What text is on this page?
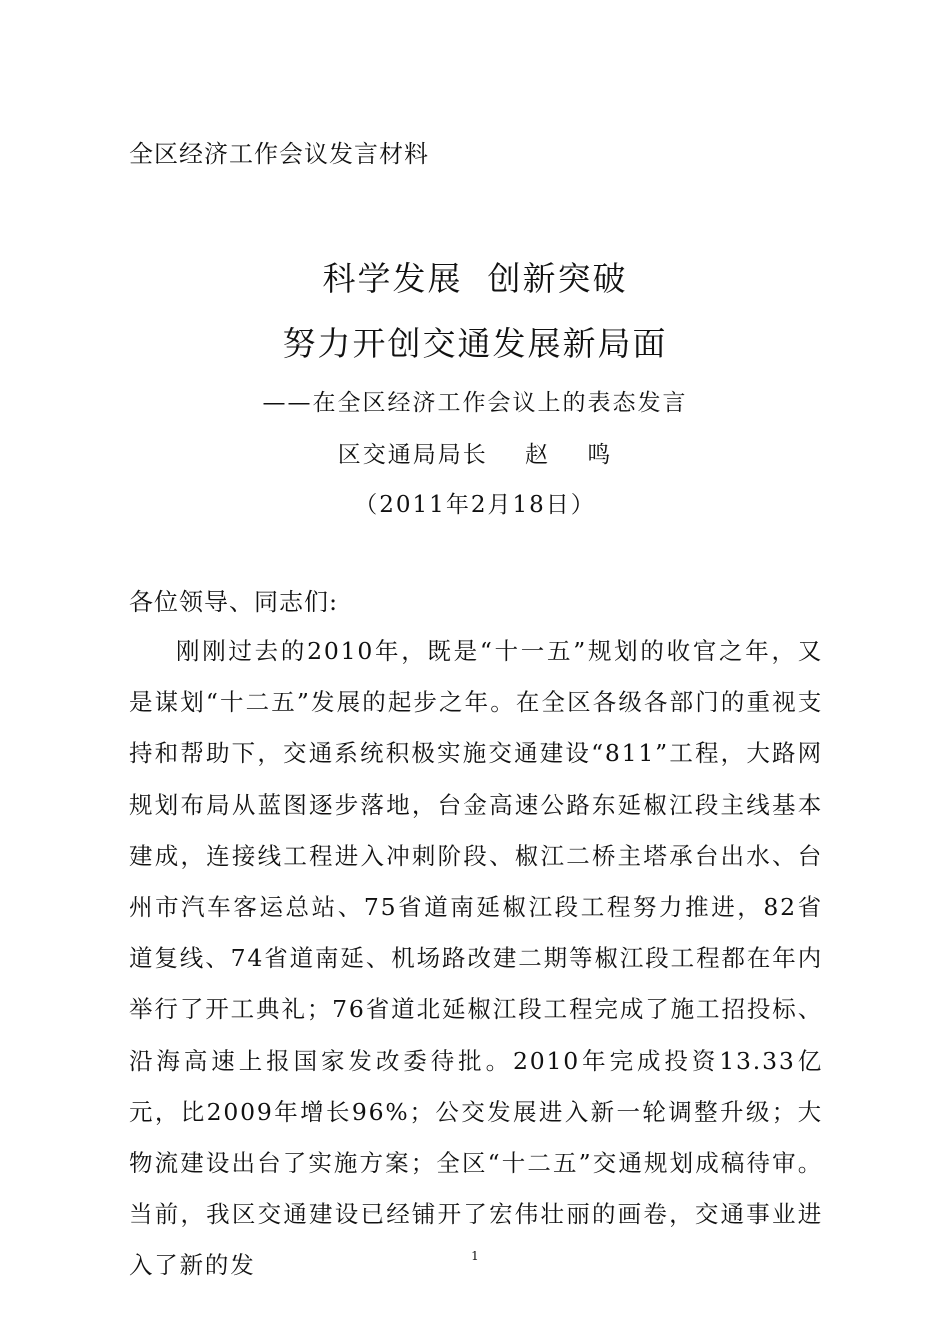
全区经济工作会议发言材料
科学发展  创新突破
努力开创交通发展新局面
——在全区经济工作会议上的表态发言
区交通局局长    赵    鸣
（2011年2月18日）
各位领导、同志们:

刚刚过去的2010年，既是“十一五”规划的收官之年，又是谋划“十二五”发展的起步之年。在全区各级各部门的重视支持和帮助下，交通系统积极实施交通建设“811”工程，大路网规划布局从蓝图逐步落地，台金高速公路东延椒江段主线基本建成，连接线工程进入冲刺阶段、椒江二桥主塔承台出水、台州市汽车客运总站、75省道南延椒江段工程努力推进，82省道复线、74省道南延、机场路改建二期等椒江段工程都在年内举行了开工典礼；76省道北延椒江段工程完成了施工招投标、沿海高速上报国家发改委待批。2010年完成投资13.33亿元，比2009年增长96%；公交发展进入新一轮调整升级；大物流建设出台了实施方案；全区“十二五”交通规划成稿待审。当前，我区交通建设已经铺开了宏伟壮丽的画卷，交通事业进入了新的发	1
